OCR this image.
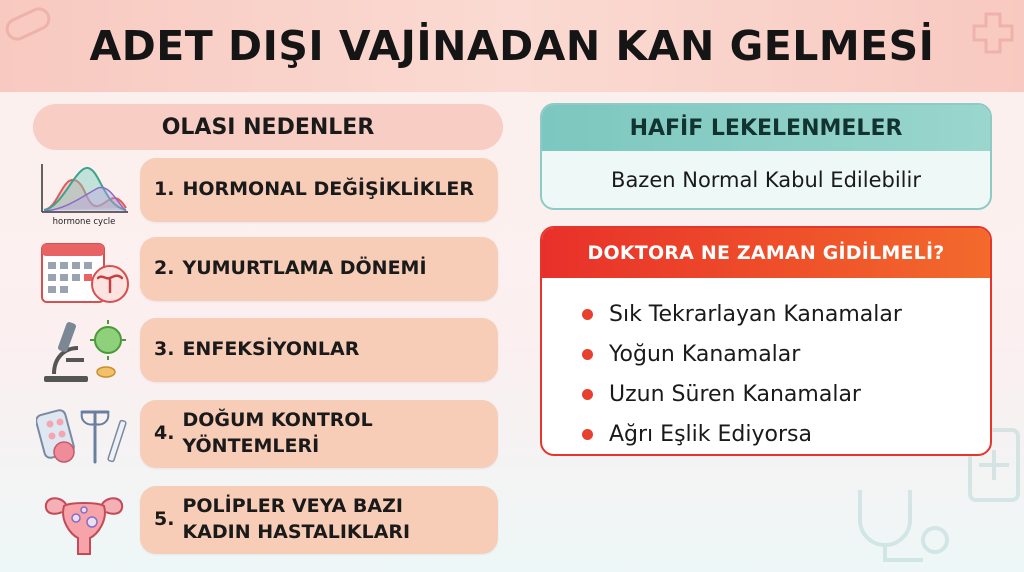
ADET DIŞI VAJİNADAN KAN GELMESİ
OLASI NEDENLER
hormone cycle
1. HORMONAL DEĞİŞİKLİKLER
2. YUMURTLAMA DÖNEMİ
3. ENFEKSİYONLAR
4.
DOĞUM KONTROL
YÖNTEMLERİ
5.
POLİPLER VEYA BAZI
KADIN HASTALIKLARI
HAFİF LEKELENMELER
Bazen Normal Kabul Edilebilir
DOKTORA NE ZAMAN GİDİLMELİ?
Sık Tekrarlayan Kanamalar
Yoğun Kanamalar
Uzun Süren Kanamalar
Ağrı Eşlik Ediyorsa
